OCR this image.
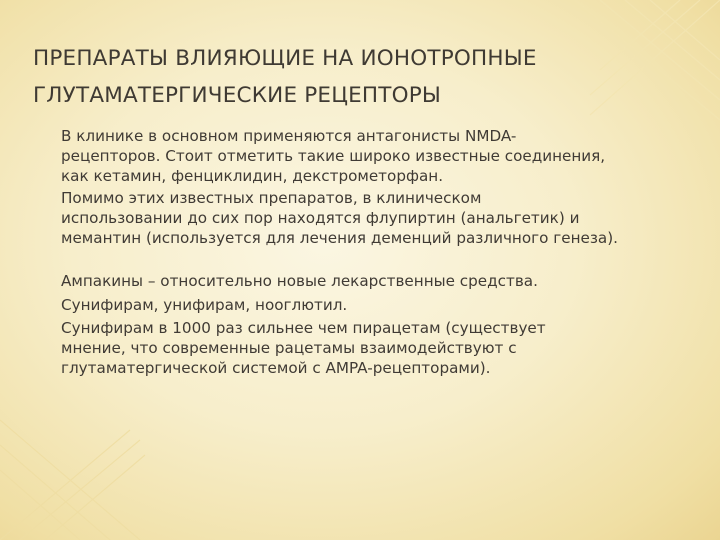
ПРЕПАРАТЫ ВЛИЯЮЩИЕ НА ИОНОТРОПНЫЕ
ГЛУТАМАТЕРГИЧЕСКИЕ РЕЦЕПТОРЫ

В клинике в основном применяются антагонисты NMDA-
рецепторов. Стоит отметить такие широко известные соединения,
как кетамин, фенциклидин, декстрометорфан.

Помимо этих известных препаратов, в клиническом
использовании до сих пор находятся флупиртин (анальгетик) и
мемантин (используется для лечения деменций различного генеза).

Ампакины – относительно новые лекарственные средства.

Сунифирам, унифирам, нооглютил.

Сунифирам в 1000 раз сильнее чем пирацетам (существует
мнение, что современные рацетамы взаимодействуют с
глутаматергической системой с AMPA-рецепторами).
